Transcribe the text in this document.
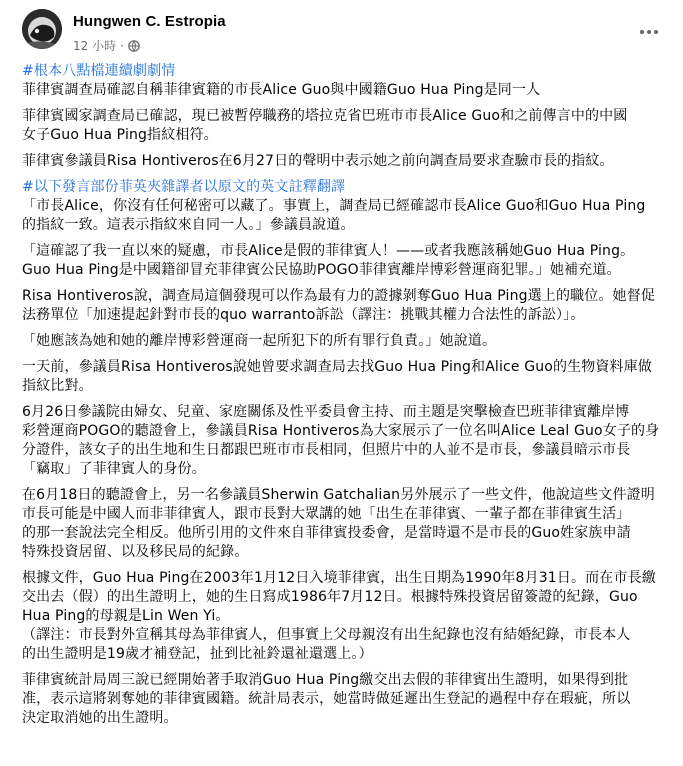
Hungwen C. Estropia
12 小時 ·

#根本八點檔連續劇劇情
菲律賓調查局確認自稱菲律賓籍的市長Alice Guo與中國籍Guo Hua Ping是同一人

菲律賓國家調查局已確認，現已被暫停職務的塔拉克省巴班市市長Alice Guo和之前傳言中的中國
女子Guo Hua Ping指紋相符。

菲律賓參議員Risa Hontiveros在6月27日的聲明中表示她之前向調查局要求查驗市長的指紋。

#以下發言部份菲英夾雜譯者以原文的英文註釋翻譯
「市長Alice，你沒有任何秘密可以藏了。事實上，調查局已經確認市長Alice Guo和Guo Hua Ping
的指紋一致。這表示指紋來自同一人。」參議員說道。

「這確認了我一直以來的疑慮，市長Alice是假的菲律賓人！——或者我應該稱她Guo Hua Ping。
Guo Hua Ping是中國籍卻冒充菲律賓公民協助POGO菲律賓離岸博彩營運商犯罪。」她補充道。

Risa Hontiveros說，調查局這個發現可以作為最有力的證據剝奪Guo Hua Ping選上的職位。她督促
法務單位「加速提起針對市長的quo warranto訴訟（譯注：挑戰其權力合法性的訴訟）」。

「她應該為她和她的離岸博彩營運商一起所犯下的所有罪行負責。」她說道。

一天前，參議員Risa Hontiveros說她曾要求調查局去找Guo Hua Ping和Alice Guo的生物資料庫做
指紋比對。

6月26日參議院由婦女、兒童、家庭關係及性平委員會主持、而主題是突擊檢查巴班菲律賓離岸博
彩營運商POGO的聽證會上，參議員Risa Hontiveros為大家展示了一位名叫Alice Leal Guo女子的身
分證件，該女子的出生地和生日都跟巴班市市長相同，但照片中的人並不是市長，參議員暗示市長
「竊取」了菲律賓人的身份。

在6月18日的聽證會上，另一名參議員Sherwin Gatchalian另外展示了一些文件，他說這些文件證明
市長可能是中國人而非菲律賓人，跟市長對大眾講的她「出生在菲律賓、一輩子都在菲律賓生活」
的那一套說法完全相反。他所引用的文件來自菲律賓投委會，是當時還不是市長的Guo姓家族申請
特殊投資居留、以及移民局的紀錄。

根據文件，Guo Hua Ping在2003年1月12日入境菲律賓，出生日期為1990年8月31日。而在市長繳
交出去（假）的出生證明上，她的生日寫成1986年7月12日。根據特殊投資居留簽證的紀錄，Guo
Hua Ping的母親是Lin Wen Yi。
（譯注：市長對外宣稱其母為菲律賓人，但事實上父母親沒有出生紀錄也沒有結婚紀錄，市長本人
的出生證明是19歲才補登記，扯到比祉鈴還祉還選上。）

菲律賓統計局周三說已經開始著手取消Guo Hua Ping繳交出去假的菲律賓出生證明，如果得到批
准，表示這將剝奪她的菲律賓國籍。統計局表示，她當時做延遲出生登記的過程中存在瑕疵，所以
決定取消她的出生證明。
